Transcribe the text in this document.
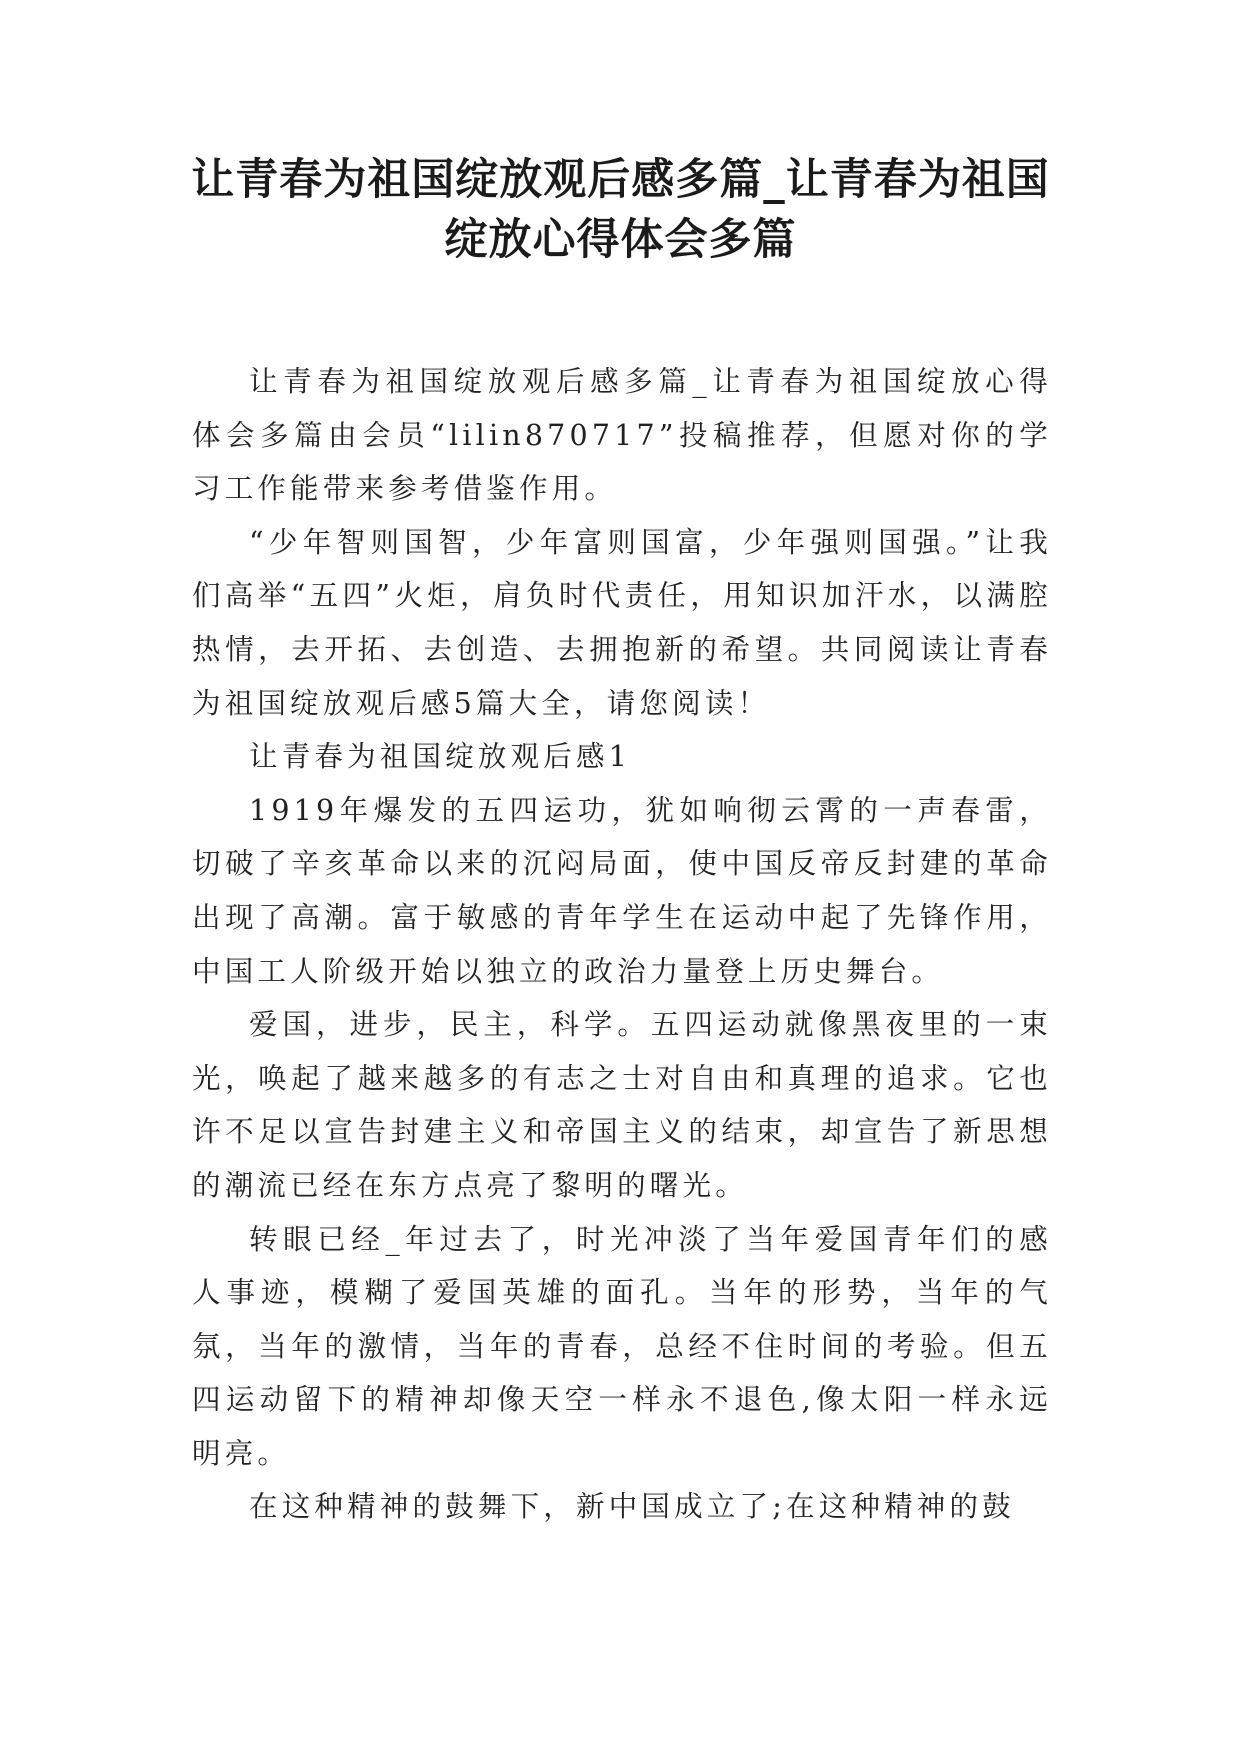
让青春为祖国绽放观后感多篇_让青春为祖国绽放心得体会多篇

让青春为祖国绽放观后感多篇_让青春为祖国绽放心得体会多篇由会员“lilin870717”投稿推荐，但愿对你的学习工作能带来参考借鉴作用。

“少年智则国智，少年富则国富，少年强则国强。”让我们高举“五四”火炬，肩负时代责任，用知识加汗水，以满腔热情，去开拓、去创造、去拥抱新的希望。共同阅读让青春为祖国绽放观后感5篇大全，请您阅读！

让青春为祖国绽放观后感1

1919年爆发的五四运功，犹如响彻云霄的一声春雷，切破了辛亥革命以来的沉闷局面，使中国反帝反封建的革命出现了高潮。富于敏感的青年学生在运动中起了先锋作用，中国工人阶级开始以独立的政治力量登上历史舞台。

爱国，进步，民主，科学。五四运动就像黑夜里的一束光，唤起了越来越多的有志之士对自由和真理的追求。它也许不足以宣告封建主义和帝国主义的结束，却宣告了新思想的潮流已经在东方点亮了黎明的曙光。

转眼已经_年过去了，时光冲淡了当年爱国青年们的感人事迹，模糊了爱国英雄的面孔。当年的形势，当年的气氛，当年的激情，当年的青春，总经不住时间的考验。但五四运动留下的精神却像天空一样永不退色,像太阳一样永远明亮。

在这种精神的鼓舞下，新中国成立了;在这种精神的鼓
